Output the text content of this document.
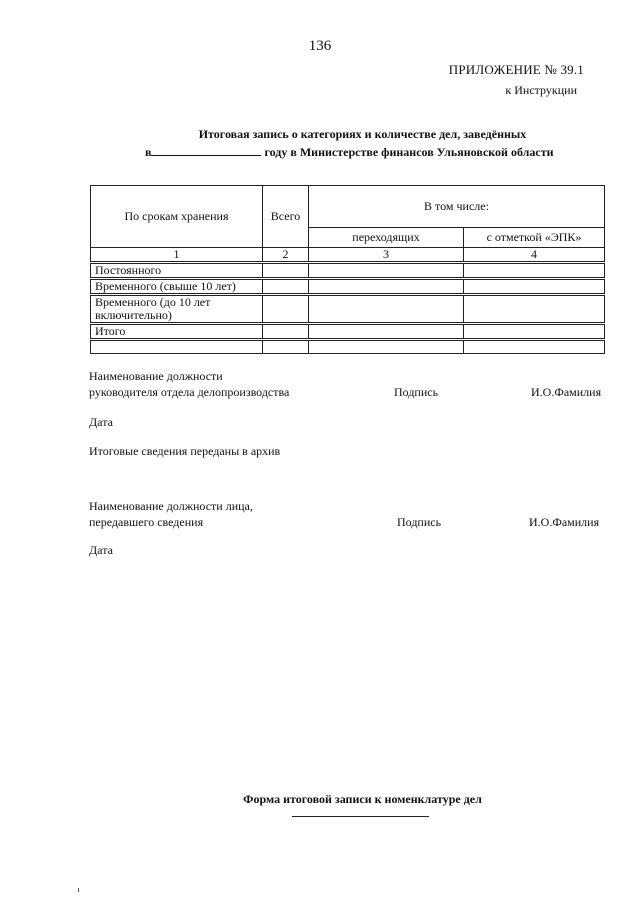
136
ПРИЛОЖЕНИЕ № 39.1
к Инструкции
Итоговая запись о категориях и количестве дел, заведённых
в	году в Министерстве финансов Ульяновской области
По срокам хранения	Всего	В том числе:	
		переходящих	с отметкой «ЭПК»
1	2	3	4
Постоянного			
Временного (свыше 10 лет)			
Временного (до 10 лет включительно)			
Итого			

Наименование должности
руководителя отдела делопроизводства	Подпись	И.О.Фамилия
Дата
Итоговые сведения переданы в архив
Наименование должности лица,
передавшего сведения	Подпись	И.О.Фамилия
Дата
Форма итоговой записи к номенклатуре дел
